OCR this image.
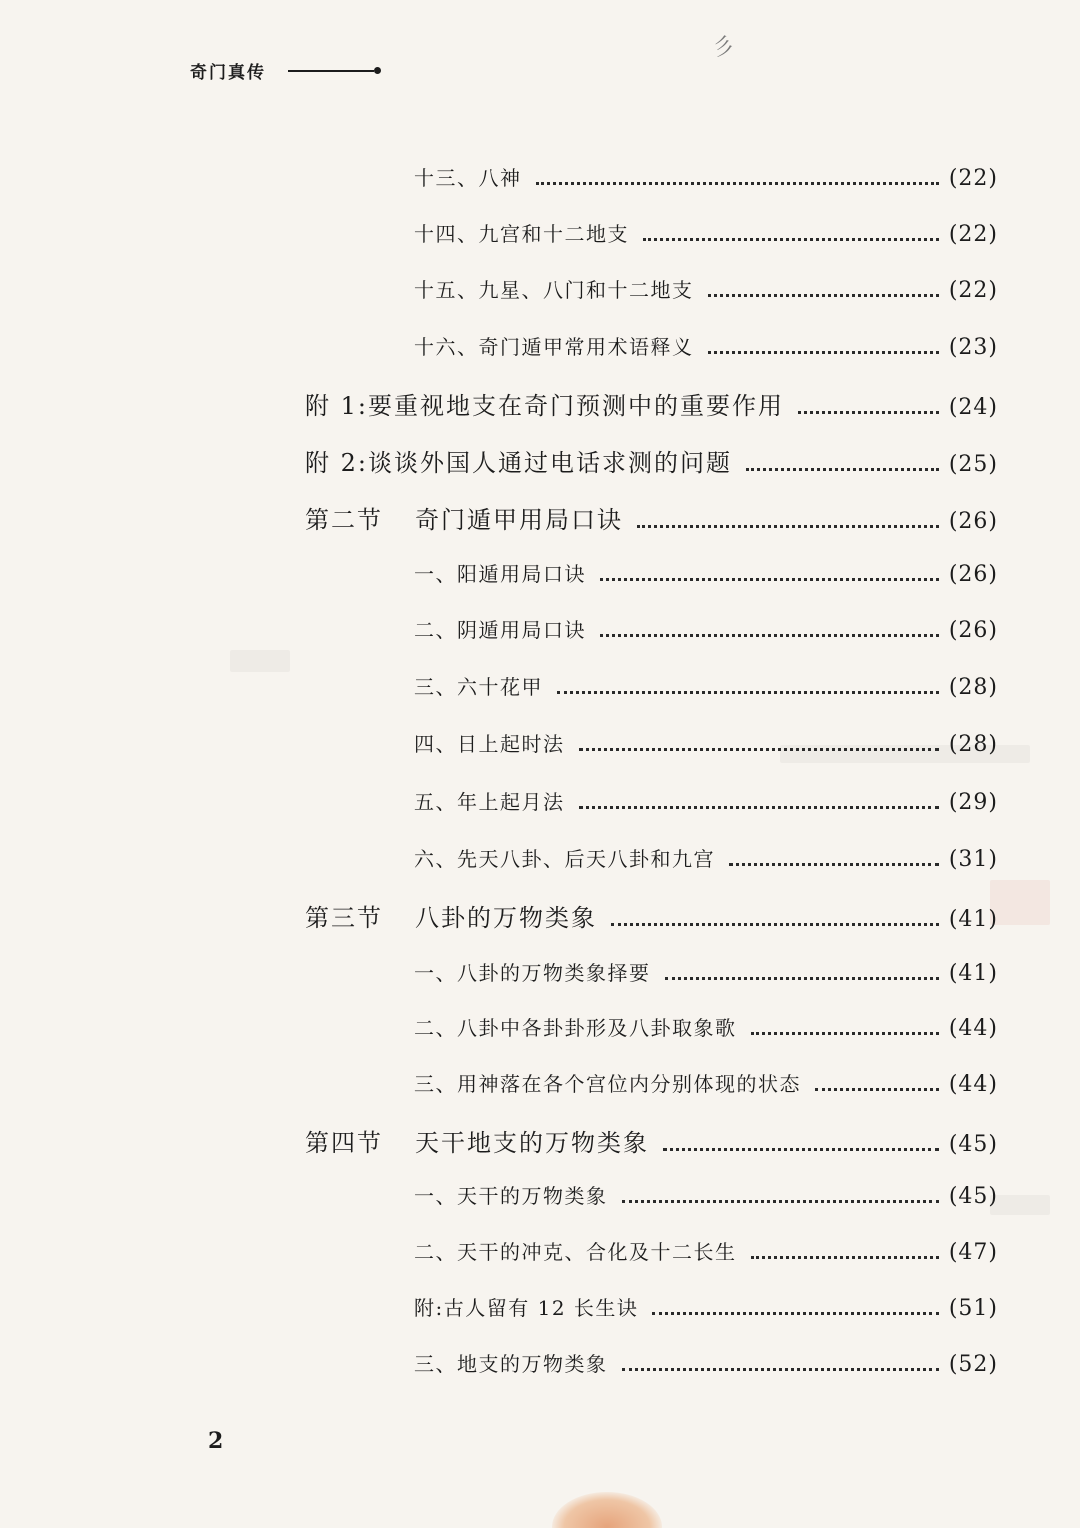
彡
奇门真传
十三、八神	(22)
十四、九宫和十二地支	(22)
十五、九星、八门和十二地支	(22)
十六、奇门遁甲常用术语释义	(23)
附 1:要重视地支在奇门预测中的重要作用	(24)
附 2:谈谈外国人通过电话求测的问题	(25)
第二节	奇门遁甲用局口诀	(26)
一、阳遁用局口诀	(26)
二、阴遁用局口诀	(26)
三、六十花甲	(28)
四、日上起时法	(28)
五、年上起月法	(29)
六、先天八卦、后天八卦和九宫	(31)
第三节	八卦的万物类象	(41)
一、八卦的万物类象择要	(41)
二、八卦中各卦卦形及八卦取象歌	(44)
三、用神落在各个宫位内分别体现的状态	(44)
第四节	天干地支的万物类象	(45)
一、天干的万物类象	(45)
二、天干的冲克、合化及十二长生	(47)
附:古人留有 12 长生诀	(51)
三、地支的万物类象	(52)
2
